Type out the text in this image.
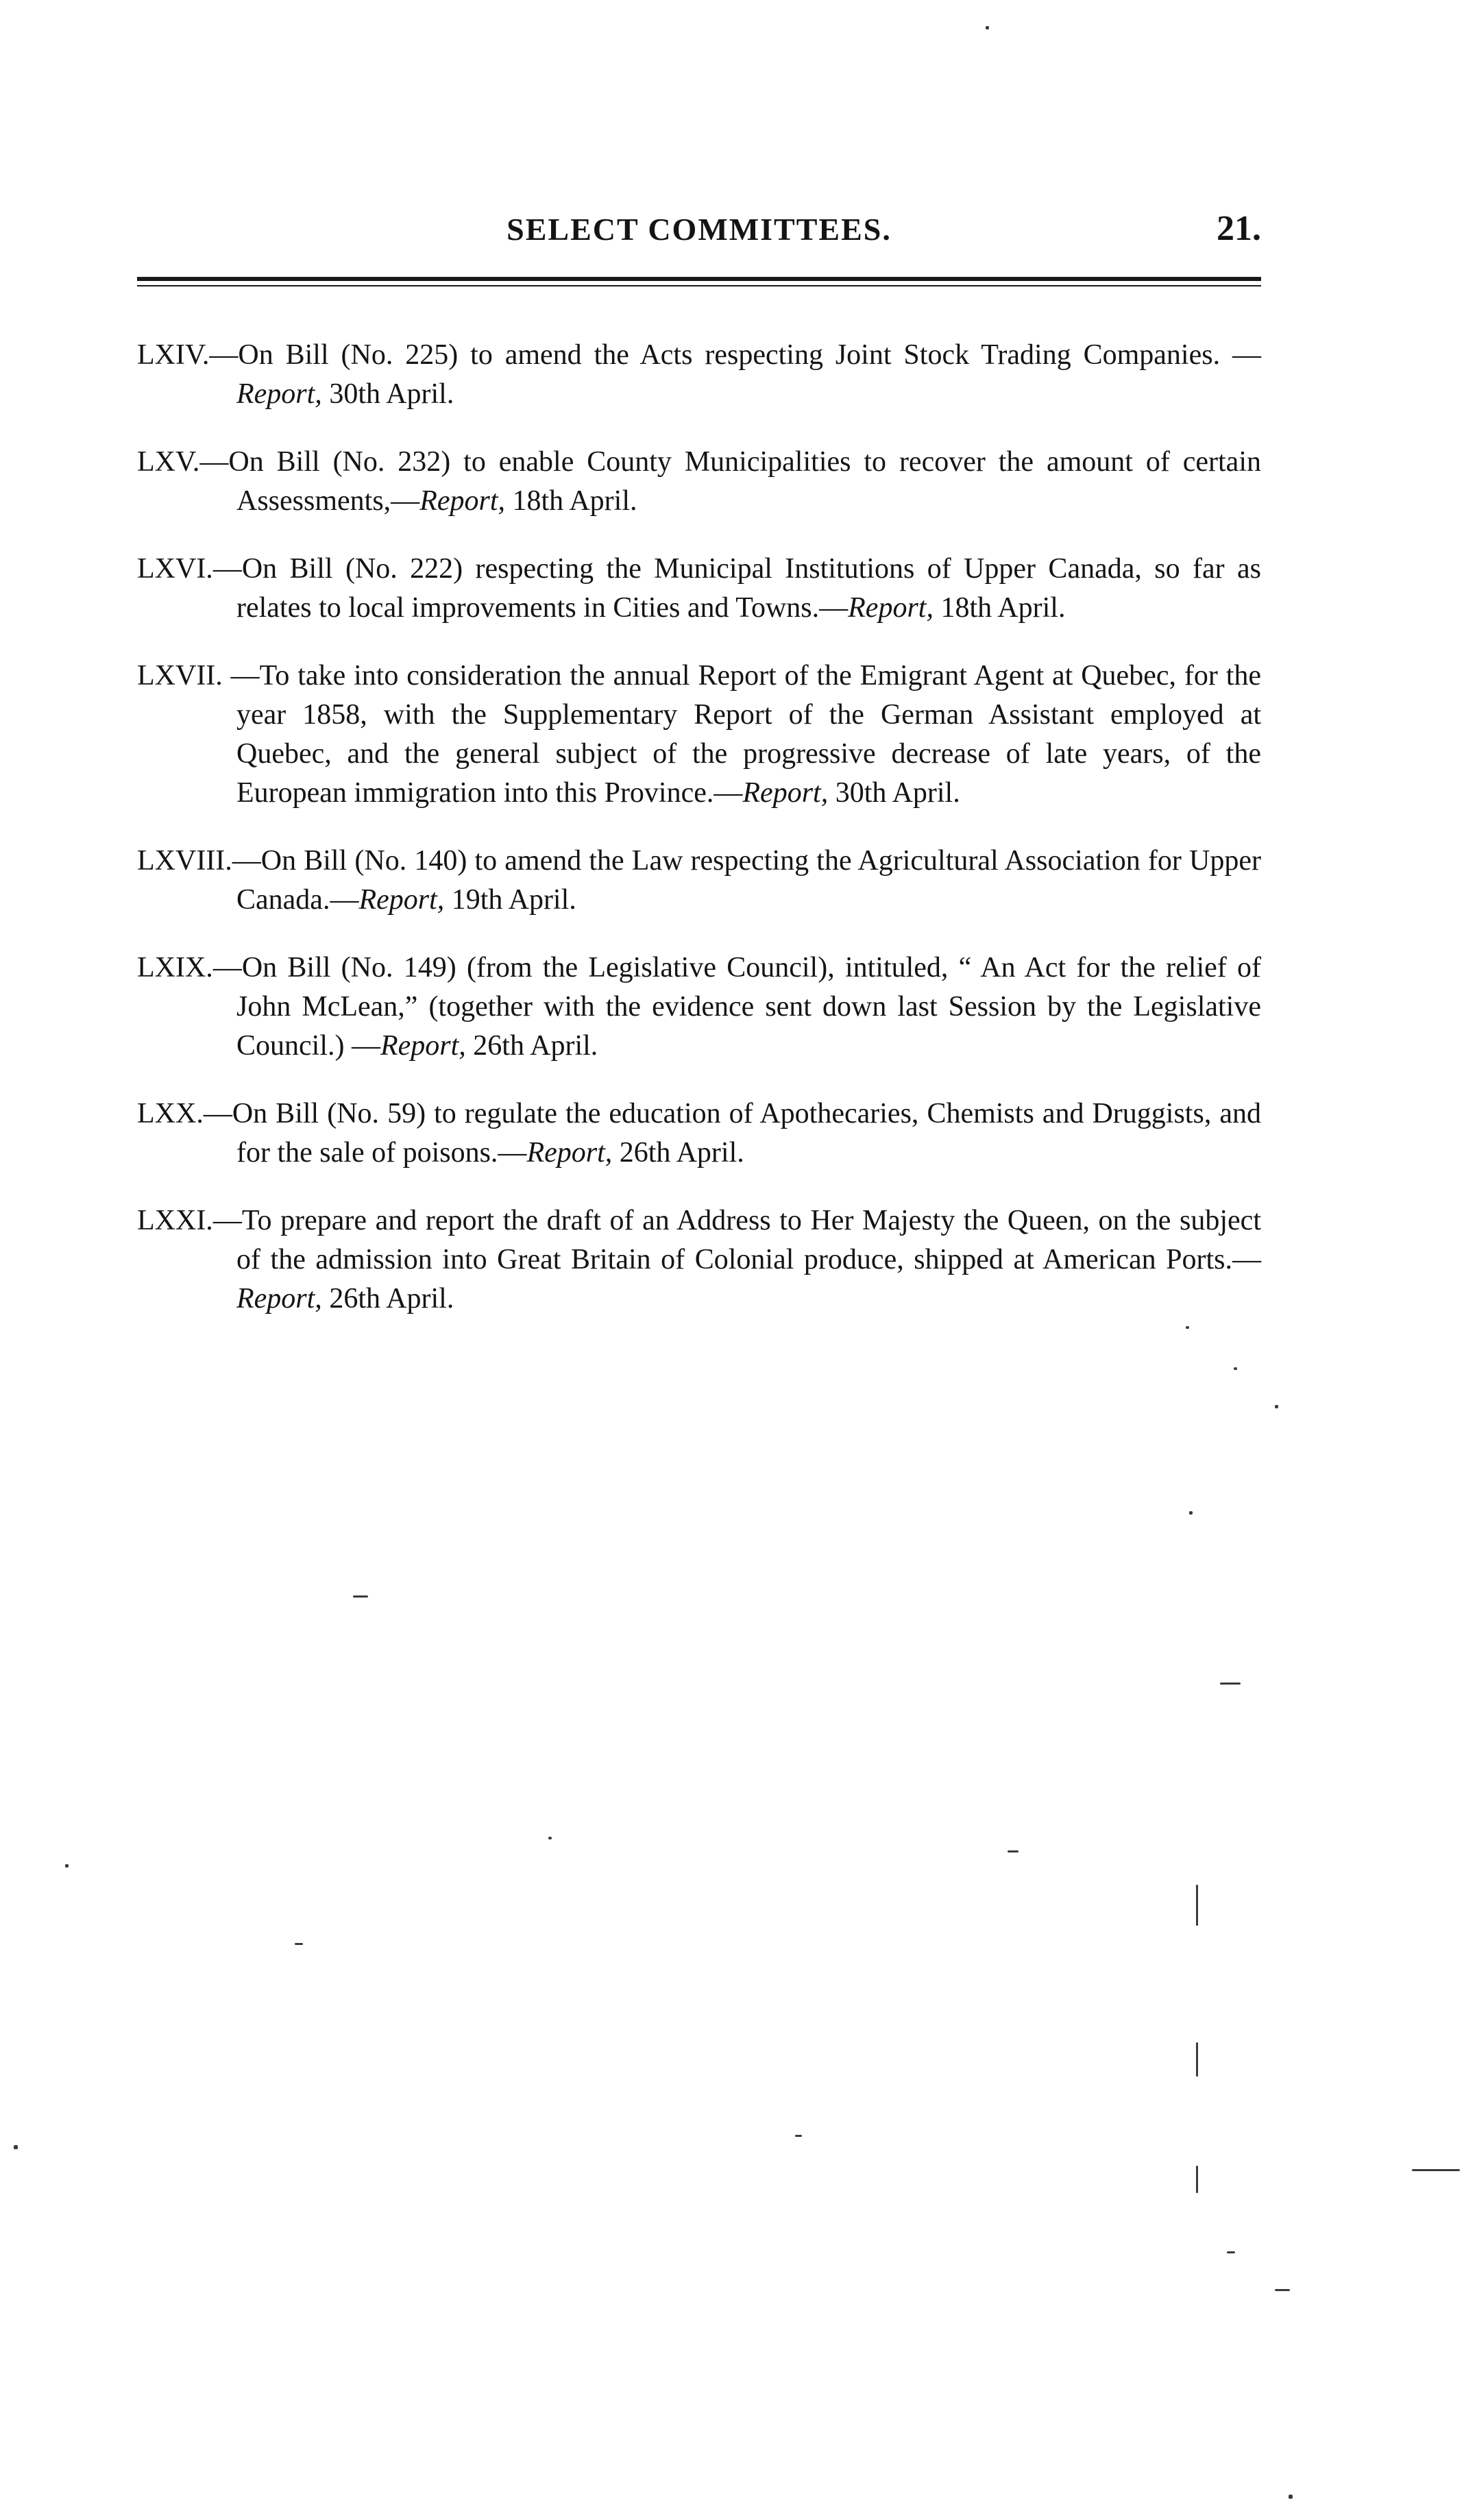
SELECT COMMITTEES.	21.

LXIV.—On Bill (No. 225) to amend the Acts respecting Joint Stock Trading Companies. —Report, 30th April.

LXV.—On Bill (No. 232) to enable County Municipalities to recover the amount of certain Assessments,—Report, 18th April.

LXVI.—On Bill (No. 222) respecting the Municipal Institutions of Upper Canada, so far as relates to local improvements in Cities and Towns.—Report, 18th April.

LXVII. —To take into consideration the annual Report of the Emigrant Agent at Quebec, for the year 1858, with the Supplementary Report of the German Assistant employed at Quebec, and the general subject of the progressive decrease of late years, of the European immigration into this Province.—Report, 30th April.

LXVIII.—On Bill (No. 140) to amend the Law respecting the Agricultural Association for Upper Canada.—Report, 19th April.

LXIX.—On Bill (No. 149) (from the Legislative Council), intituled, “ An Act for the relief of John McLean,” (together with the evidence sent down last Session by the Legislative Council.) —Report, 26th April.

LXX.—On Bill (No. 59) to regulate the education of Apothecaries, Chemists and Druggists, and for the sale of poisons.—Report, 26th April.

LXXI.—To prepare and report the draft of an Address to Her Majesty the Queen, on the subject of the admission into Great Britain of Colonial produce, shipped at American Ports.—Report, 26th April.
